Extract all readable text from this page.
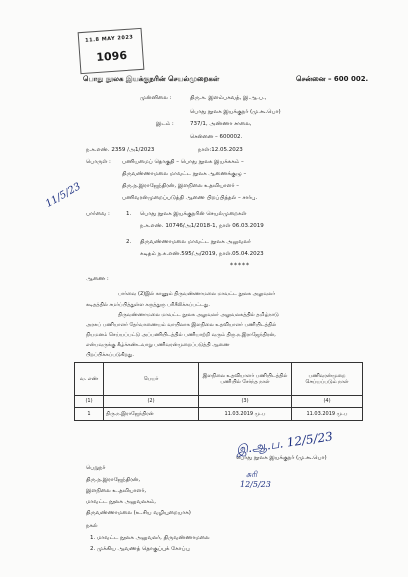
11.8 MAY 2023
1096
பொது நூலக இயக்குநரின் செயல்முறைகள்	சென்னை – 600 002.
முன்னிலை :	திரு.க. இளம்பகவத், இ.ஆ.ப.,
பொது நூலக இயக்குநர் (மு.கூ.பொ)
இடம் :	737/1, அண்ணா சாலை,
சென்னை – 600002.
ந.க.எண். 2359 /அ1/2023	நாள்:12.05.2023
பொருள் : பணியமைப் தொகுதி – பொது நூலக இயக்ககம் –
திருவண்ணாமலை மாவட்ட நூலக ஆணைக்குழு –
திரு.ந.இராஜேந்திரன், இளநிலை உதவியாளர் –
பணிவரன்முறைப்படுத்தி ஆணை பிறப்பித்தல் – சார்பு.
பார்வை :	1. பொது நூலக இயக்குநரின் செயல்முறைகள்
ந.க.எண். 10746/அ1/2018-1, நாள் 06.03.2019
2. திருவண்ணாமலை மாவட்ட நூலக அலுவலர்
கடிதம் ந.க.எண்.595/அ/2019, நாள்.05.04.2023
*****
ஆணை :
பார்வை (2)இல் காணும் திருவண்ணாமலை மாவட்ட நூலக அலுவலர்
கடிதத்தில் சமர்ப்பித்துள்ள கருத்துரு பரிசீலிக்கப்பட்டது.
திருவண்ணாமலை மாவட்ட நூலக அலுவலர் அலுவலகத்தில் தமிழ்நாடு
அரசுப் பணியாளர் தேர்வாணையம் வாயிலாக இளநிலை உதவியாளர் பணியிடத்தில்
நியமனம் செய்யப்பட்டு அப்பணியிடத்தில் பணியாற்றி வரும் திரு.ந.இராஜேந்திரன்,
என்பவருக்கு கீழ்க்கண்டவாறு பணிவரன்முறைப்படுத்தி ஆணை
பிறப்பிக்கப்படுகிறது.
வ. எண்	பெயர்	இளநிலை உதவியாளர் பணியிடத்தில் பணியில் சேர்ந்த நாள்	பணிவரன்முறை செய்யப்படும் நாள்
(1)	(2)	(3)	(4)
1	திரு.ந.இராஜேந்திரன்	11.03.2019 மு.ப	11.03.2019 மு.ப
இ.ஆ.ப. 12/5/23
பொது நூலக இயக்குநர் (மு.கூ.பொ)
பெறுநர்
திரு.ந.இராஜேந்திரன்,
இளநிலை உ.தவியாளர்,
மாவட்ட நூலக அலுவலகம்,
திருவண்ணாமலை (உ.சிய வழியுறையாக)
நகல்
1. மாவட்ட நூலக அலுவலர், திருவண்ணாமலை
2. முக்கிய ஆவணத் தொகுப்புக் கோப்பு
11/5/23
சுரி
12/5/23
